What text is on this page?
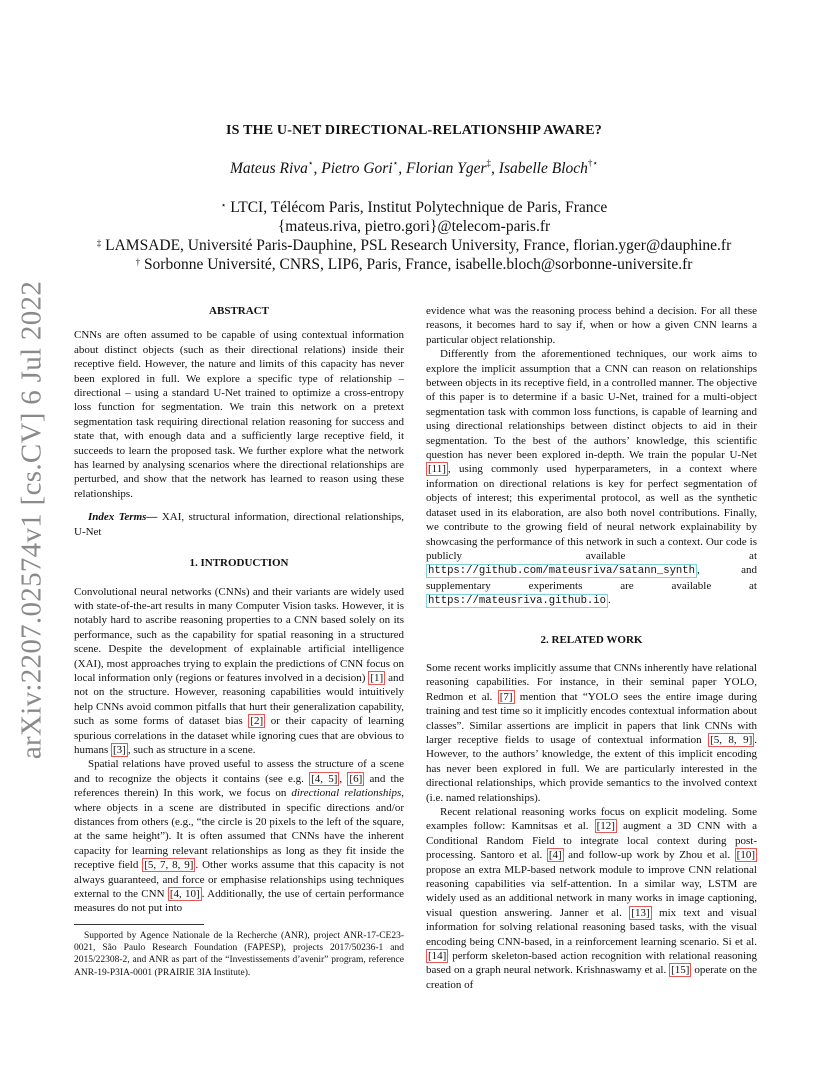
arXiv:2207.02574v1 [cs.CV] 6 Jul 2022
IS THE U-NET DIRECTIONAL-RELATIONSHIP AWARE?
Mateus Riva⋆, Pietro Gori⋆, Florian Yger‡, Isabelle Bloch†⋆
⋆ LTCI, Télécom Paris, Institut Polytechnique de Paris, France
{mateus.riva, pietro.gori}@telecom-paris.fr
‡ LAMSADE, Université Paris-Dauphine, PSL Research University, France, florian.yger@dauphine.fr
† Sorbonne Université, CNRS, LIP6, Paris, France, isabelle.bloch@sorbonne-universite.fr

ABSTRACT

CNNs are often assumed to be capable of using contextual information about distinct objects (such as their directional relations) inside their receptive field. However, the nature and limits of this capacity has never been explored in full. We explore a specific type of relationship – directional – using a standard U-Net trained to optimize a cross-entropy loss function for segmentation. We train this network on a pretext segmentation task requiring directional relation reasoning for success and state that, with enough data and a sufficiently large receptive field, it succeeds to learn the proposed task. We further explore what the network has learned by analysing scenarios where the directional relationships are perturbed, and show that the network has learned to reason using these relationships.

Index Terms— XAI, structural information, directional relationships, U-Net

1. INTRODUCTION

Convolutional neural networks (CNNs) and their variants are widely used with state-of-the-art results in many Computer Vision tasks. However, it is notably hard to ascribe reasoning properties to a CNN based solely on its performance, such as the capability for spatial reasoning in a structured scene. Despite the development of explainable artificial intelligence (XAI), most approaches trying to explain the predictions of CNN focus on local information only (regions or features involved in a decision) [1] and not on the structure. However, reasoning capabilities would intuitively help CNNs avoid common pitfalls that hurt their generalization capability, such as some forms of dataset bias [2] or their capacity of learning spurious correlations in the dataset while ignoring cues that are obvious to humans [3] , such as structure in a scene.

Spatial relations have proved useful to assess the structure of a scene and to recognize the objects it contains (see e.g. [4, 5] , [6] and the references therein) In this work, we focus on directional relationships, where objects in a scene are distributed in specific directions and/or distances from others (e.g., “the circle is 20 pixels to the left of the square, at the same height”). It is often assumed that CNNs have the inherent capacity for learning relevant relationships as long as they fit inside the receptive field [5, 7, 8, 9] . Other works assume that this capacity is not always guaranteed, and force or emphasise relationships using techniques external to the CNN [4, 10] . Additionally, the use of certain performance measures do not put into

Supported by Agence Nationale de la Recherche (ANR), project ANR-17-CE23-0021, São Paulo Research Foundation (FAPESP), projects 2017/50236-1 and 2015/22308-2, and ANR as part of the “Investissements d’avenir” program, reference ANR-19-P3IA-0001 (PRAIRIE 3IA Institute).

evidence what was the reasoning process behind a decision. For all these reasons, it becomes hard to say if, when or how a given CNN learns a particular object relationship.

Differently from the aforementioned techniques, our work aims to explore the implicit assumption that a CNN can reason on relationships between objects in its receptive field, in a controlled manner. The objective of this paper is to determine if a basic U-Net, trained for a multi-object segmentation task with common loss functions, is capable of learning and using directional relationships between distinct objects to aid in their segmentation. To the best of the authors’ knowledge, this scientific question has never been explored in-depth. We train the popular U-Net [11] , using commonly used hyperparameters, in a context where information on directional relations is key for perfect segmentation of objects of interest; this experimental protocol, as well as the synthetic dataset used in its elaboration, are also both novel contributions. Finally, we contribute to the growing field of neural network explainability by showcasing the performance of this network in such a context. Our code is publicly available at https://github.com/mateusriva/satann_synth , and supplementary experiments are available at https://mateusriva.github.io .

2. RELATED WORK

Some recent works implicitly assume that CNNs inherently have relational reasoning capabilities. For instance, in their seminal paper YOLO, Redmon et al. [7] mention that “YOLO sees the entire image during training and test time so it implicitly encodes contextual information about classes”. Similar assertions are implicit in papers that link CNNs with larger receptive fields to usage of contextual information [5, 8, 9] . However, to the authors’ knowledge, the extent of this implicit encoding has never been explored in full. We are particularly interested in the directional relationships, which provide semantics to the involved context (i.e. named relationships).

Recent relational reasoning works focus on explicit modeling. Some examples follow: Kamnitsas et al. [12] augment a 3D CNN with a Conditional Random Field to integrate local context during post-processing. Santoro et al. [4] and follow-up work by Zhou et al. [10] propose an extra MLP-based network module to improve CNN relational reasoning capabilities via self-attention. In a similar way, LSTM are widely used as an additional network in many works in image captioning, visual question answering. Janner et al. [13] mix text and visual information for solving relational reasoning based tasks, with the visual encoding being CNN-based, in a reinforcement learning scenario. Si et al. [14] perform skeleton-based action recognition with relational reasoning based on a graph neural network. Krishnaswamy et al. [15] operate on the creation of
